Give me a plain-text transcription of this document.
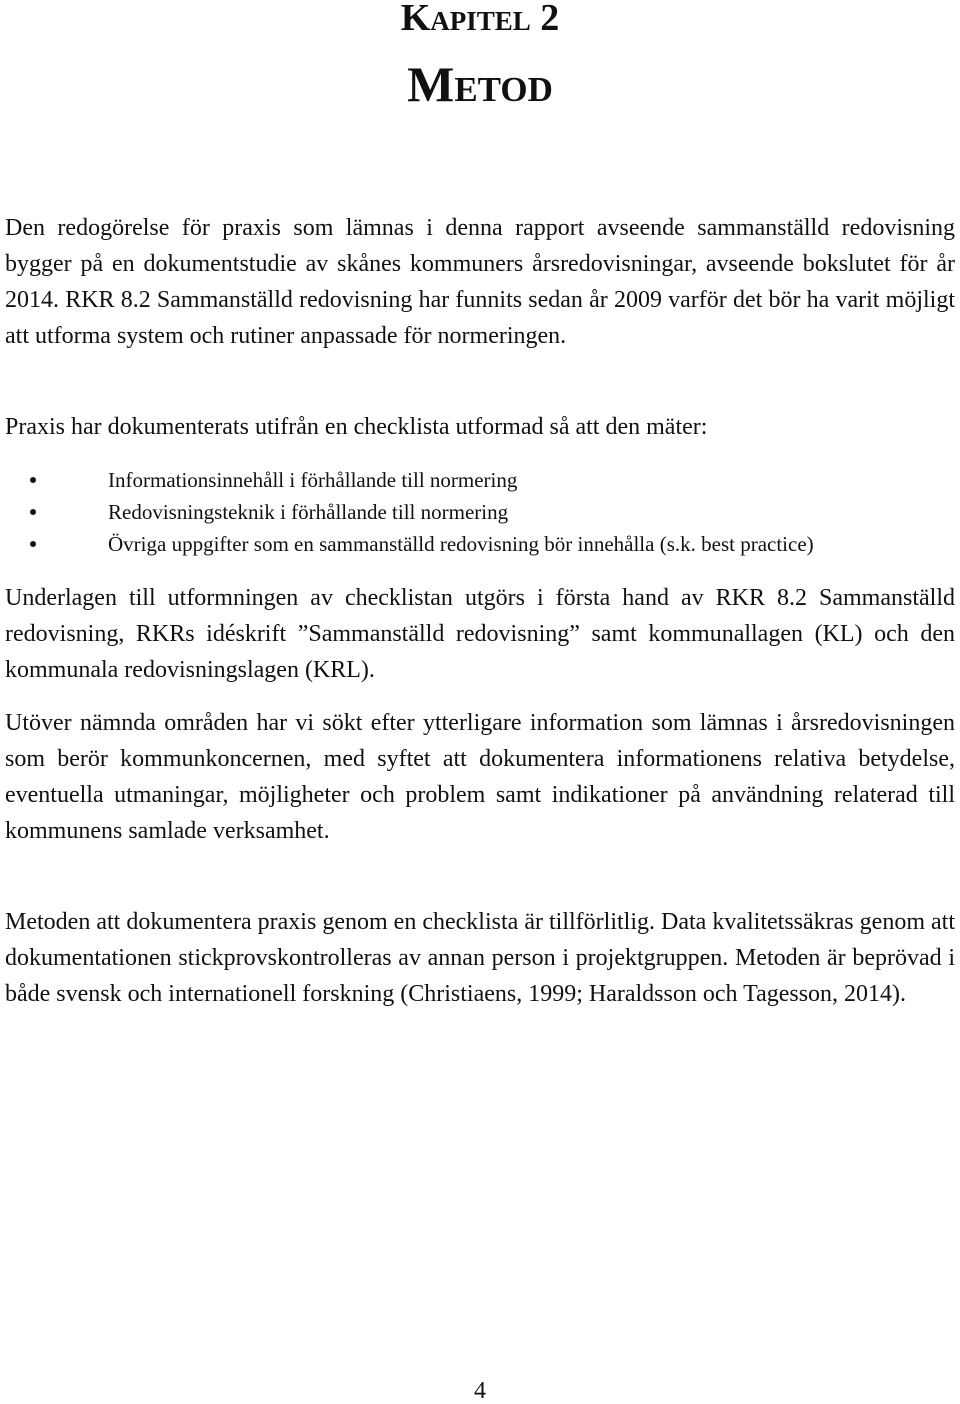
Kapitel 2
Metod

Den redogörelse för praxis som lämnas i denna rapport avseende sammanställd redovisning bygger på en dokumentstudie av skånes kommuners årsredovisningar, avseende bokslutet för år 2014. RKR 8.2 Sammanställd redovisning har funnits sedan år 2009 varför det bör ha varit möjligt att utforma system och rutiner anpassade för normeringen.

Praxis har dokumenterats utifrån en checklista utformad så att den mäter:

Informationsinnehåll i förhållande till normering
Redovisningsteknik i förhållande till normering
Övriga uppgifter som en sammanställd redovisning bör innehålla (s.k. best practice)

Underlagen till utformningen av checklistan utgörs i första hand av RKR 8.2 Sammanställd redovisning, RKRs idéskrift ”Sammanställd redovisning” samt kommunallagen (KL) och den kommunala redovisningslagen (KRL).

Utöver nämnda områden har vi sökt efter ytterligare information som lämnas i årsredovisningen som berör kommunkoncernen, med syftet att dokumentera informationens relativa betydelse, eventuella utmaningar, möjligheter och problem samt indikationer på användning relaterad till kommunens samlade verksamhet.

Metoden att dokumentera praxis genom en checklista är tillförlitlig. Data kvalitetssäkras genom att dokumentationen stickprovskontrolleras av annan person i projektgruppen. Metoden är beprövad i både svensk och internationell forskning (Christiaens, 1999; Haraldsson och Tagesson, 2014).

4
